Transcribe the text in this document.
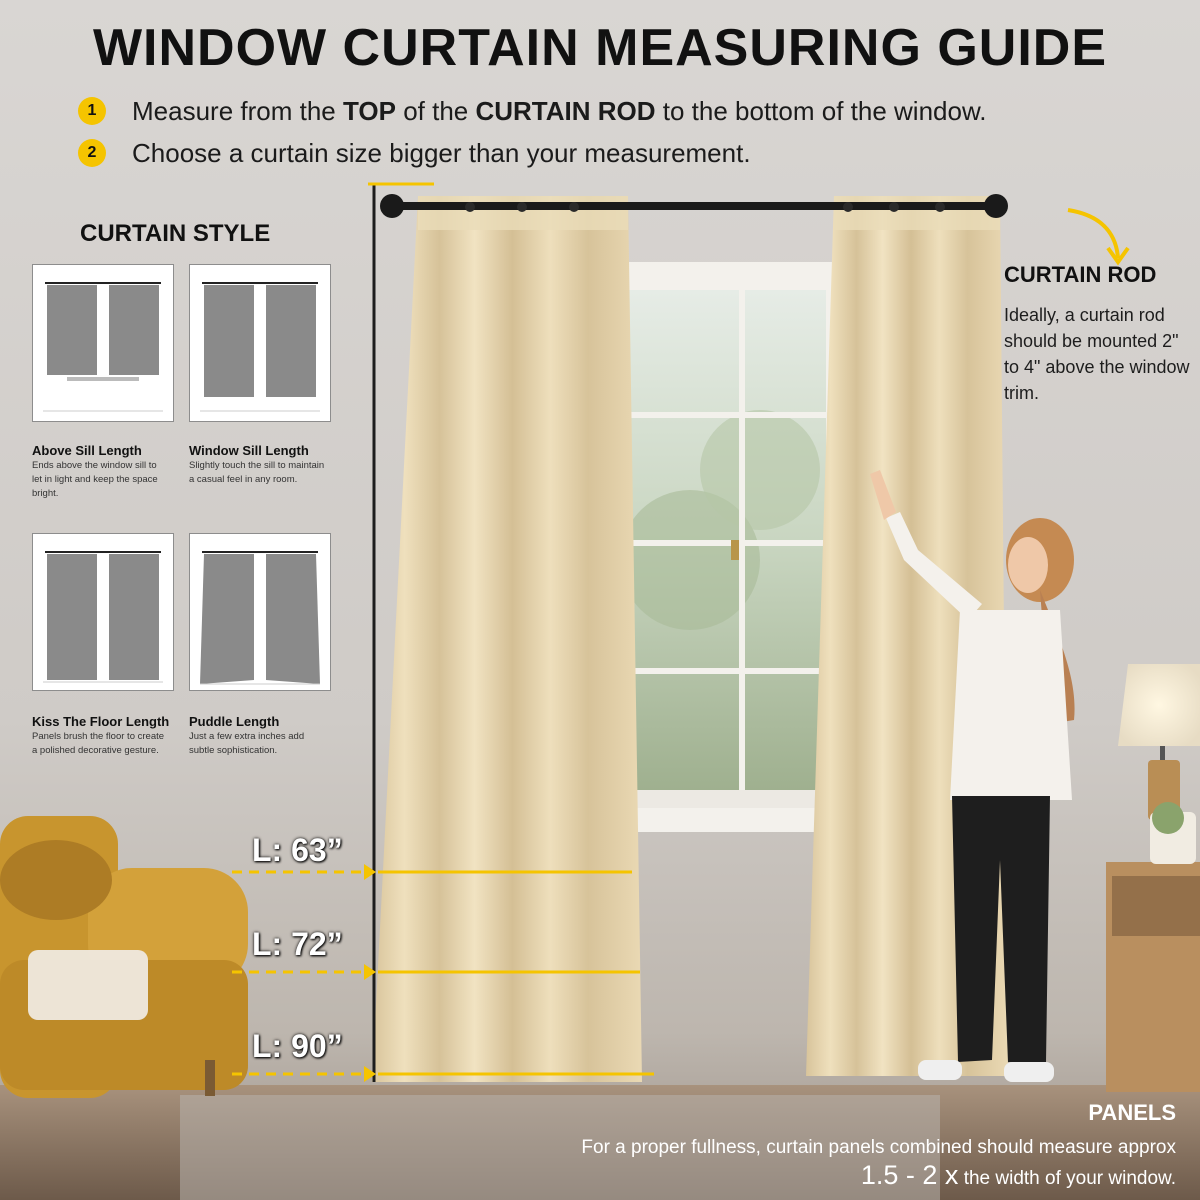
WINDOW CURTAIN MEASURING GUIDE
1	Measure from the TOP of the CURTAIN ROD to the bottom of the window.
2	Choose a curtain size bigger than your measurement.
CURTAIN STYLE
Above Sill Length
Ends above the window sill to let in light and keep the space bright.
Window Sill Length
Slightly touch the sill to maintain a casual feel in any room.
Kiss The Floor Length
Panels brush the floor to create a polished decorative gesture.
Puddle Length
Just a few extra inches add subtle sophistication.
CURTAIN ROD
Ideally, a curtain rod should be mounted 2" to 4" above the window trim.
L: 63”
L: 72”
L: 90”
PANELS
For a proper fullness, curtain panels combined should measure approx
1.5 - 2 x the width of your window.
